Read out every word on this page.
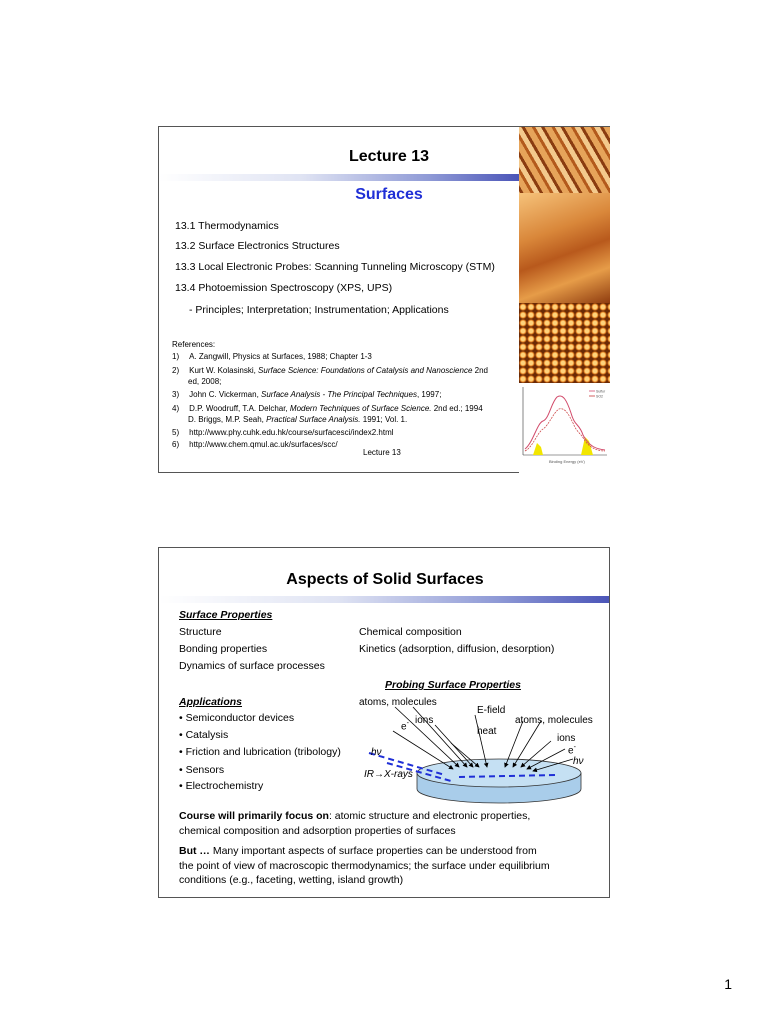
Sulfur
SO2
Binding Energy (eV)
Lecture 13
Surfaces
13.1 Thermodynamics
13.2 Surface Electronics Structures
13.3 Local Electronic Probes: Scanning Tunneling Microscopy (STM)
13.4 Photoemission Spectroscopy (XPS, UPS)
- Principles; Interpretation; Instrumentation; Applications
References:
1) A. Zangwill, Physics at Surfaces, 1988; Chapter 1-3
2) Kurt W. Kolasinski, Surface Science: Foundations of Catalysis and Nanoscience 2nd
ed, 2008;
3) John C. Vickerman, Surface Analysis - The Principal Techniques, 1997;
4) D.P. Woodruff, T.A. Delchar, Modern Techniques of Surface Science. 2nd ed.; 1994
D. Briggs, M.P. Seah, Practical Surface Analysis. 1991; Vol. 1.
5) http://www.phy.cuhk.edu.hk/course/surfacesci/index2.html
6) http://www.chem.qmul.ac.uk/surfaces/scc/
Lecture 13
Aspects of Solid Surfaces
Surface Properties
Structure
Bonding properties
Dynamics of surface processes
Chemical composition
Kinetics (adsorption, diffusion, desorption)
Applications
• Semiconductor devices
• Catalysis
• Friction and lubrication (tribology)
• Sensors
• Electrochemistry
Probing Surface Properties
atoms, molecules
E-field
atoms, molecules
e- ions
heat
ions
e-
hν
hν
IR→X-rays
Course will primarily focus on: atomic structure and electronic properties,
chemical composition and adsorption properties of surfaces
But … Many important aspects of surface properties can be understood from
the point of view of macroscopic thermodynamics; the surface under equilibrium
conditions (e.g., faceting, wetting, island growth)
1
